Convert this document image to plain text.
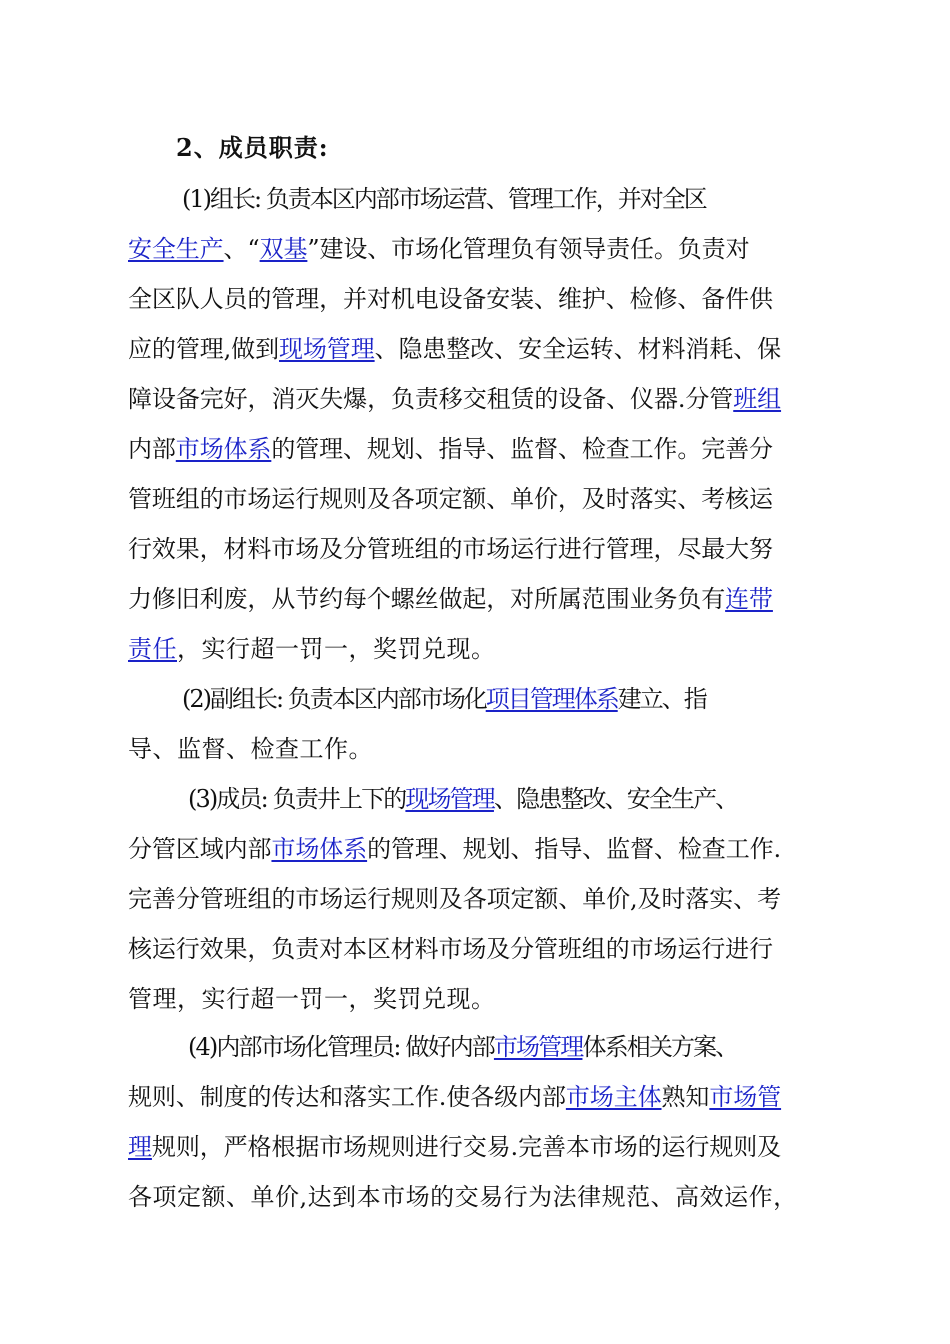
2、成员职责:
(1)组长: 负责本区内部市场运营、管理工作，并对全区
安全生产、“双基”建设、市场化管理负有领导责任。负责对
全区队人员的管理，并对机电设备安装、维护、检修、备件供
应的管理,做到现场管理、隐患整改、安全运转、材料消耗、保
障设备完好，消灭失爆，负责移交租赁的设备、仪器.分管班组
内部市场体系的管理、规划、指导、监督、检查工作。完善分
管班组的市场运行规则及各项定额、单价，及时落实、考核运
行效果，材料市场及分管班组的市场运行进行管理，尽最大努
力修旧利废，从节约每个螺丝做起，对所属范围业务负有连带
责任，实行超一罚一，奖罚兑现。
(2)副组长: 负责本区内部市场化项目管理体系建立、指
导、监督、检查工作。
(3)成员: 负责井上下的现场管理、隐患整改、安全生产、
分管区域内部市场体系的管理、规划、指导、监督、检查工作.
完善分管班组的市场运行规则及各项定额、单价,及时落实、考
核运行效果，负责对本区材料市场及分管班组的市场运行进行
管理，实行超一罚一，奖罚兑现。
(4)内部市场化管理员: 做好内部市场管理体系相关方案、
规则、制度的传达和落实工作.使各级内部市场主体熟知市场管
理规则，严格根据市场规则进行交易.完善本市场的运行规则及
各项定额、单价,达到本市场的交易行为法律规范、高效运作，
